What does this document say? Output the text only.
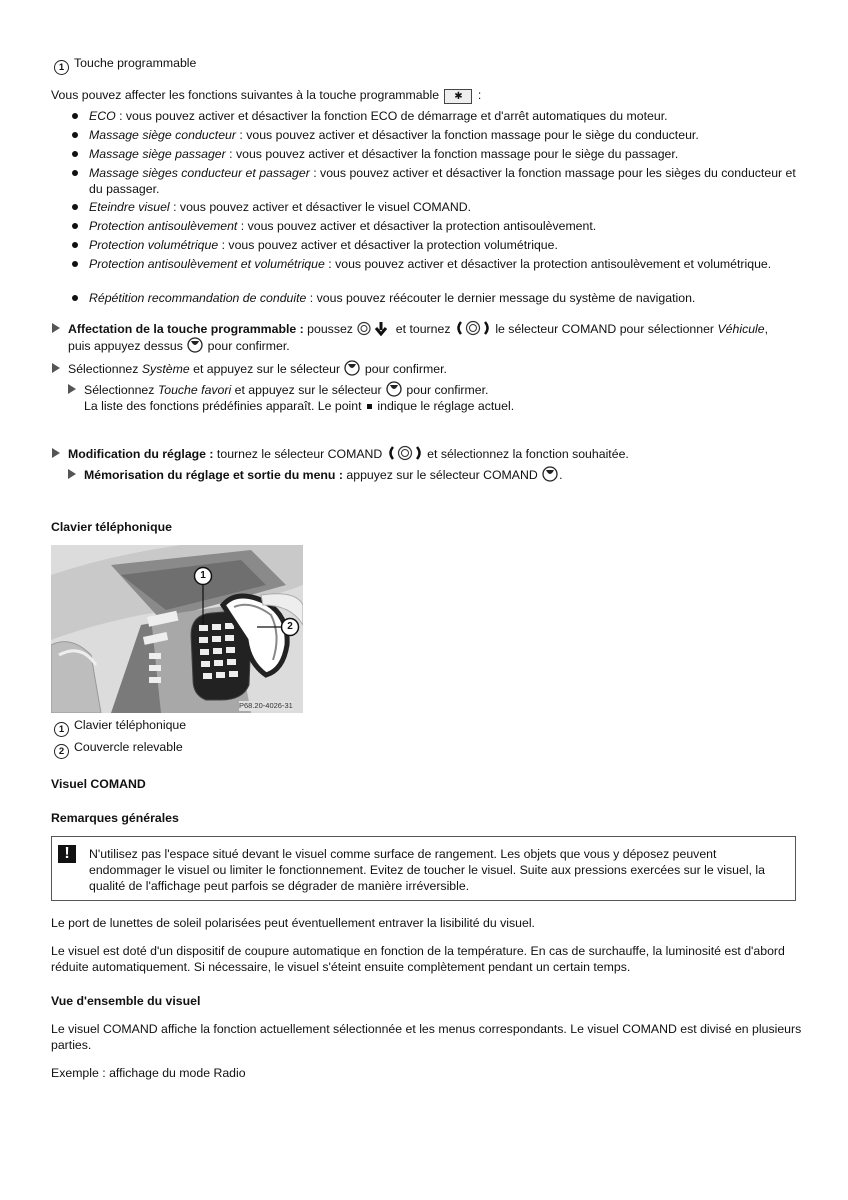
1 Touche programmable
Vous pouvez affecter les fonctions suivantes à la touche programmable ✱ :
ECO : vous pouvez activer et désactiver la fonction ECO de démarrage et d'arrêt automatiques du moteur.
Massage siège conducteur : vous pouvez activer et désactiver la fonction massage pour le siège du conducteur.
Massage siège passager : vous pouvez activer et désactiver la fonction massage pour le siège du passager.
Massage sièges conducteur et passager : vous pouvez activer et désactiver la fonction massage pour les sièges du conducteur et du passager.
Eteindre visuel : vous pouvez activer et désactiver le visuel COMAND.
Protection antisoulèvement : vous pouvez activer et désactiver la protection antisoulèvement.
Protection volumétrique : vous pouvez activer et désactiver la protection volumétrique.
Protection antisoulèvement et volumétrique : vous pouvez activer et désactiver la protection antisoulèvement et volumétrique.
Répétition recommandation de conduite : vous pouvez réécouter le dernier message du système de navigation.
Affectation de la touche programmable : poussez	et tournez	le sélecteur COMAND pour sélectionner Véhicule,
puis appuyez dessus  pour confirmer.
Sélectionnez Système et appuyez sur le sélecteur  pour confirmer.
Sélectionnez Touche favori et appuyez sur le sélecteur  pour confirmer.
La liste des fonctions prédéfinies apparaît. Le point  indique le réglage actuel.
Modification du réglage : tournez le sélecteur COMAND	et sélectionnez la fonction souhaitée.
Mémorisation du réglage et sortie du menu : appuyez sur le sélecteur COMAND .
Clavier téléphonique
1
2
P68.20-4026-31
1 Clavier téléphonique
2 Couvercle relevable
Visuel COMAND
Remarques générales
!	N'utilisez pas l'espace situé devant le visuel comme surface de rangement. Les objets que vous y déposez peuvent endommager le visuel ou limiter le fonctionnement. Evitez de toucher le visuel. Suite aux pressions exercées sur le visuel, la qualité de l'affichage peut parfois se dégrader de manière irréversible.
Le port de lunettes de soleil polarisées peut éventuellement entraver la lisibilité du visuel.
Le visuel est doté d'un dispositif de coupure automatique en fonction de la température. En cas de surchauffe, la luminosité est d'abord réduite automatiquement. Si nécessaire, le visuel s'éteint ensuite complètement pendant un certain temps.
Vue d'ensemble du visuel
Le visuel COMAND affiche la fonction actuellement sélectionnée et les menus correspondants. Le visuel COMAND est divisé en plusieurs parties.
Exemple : affichage du mode Radio
